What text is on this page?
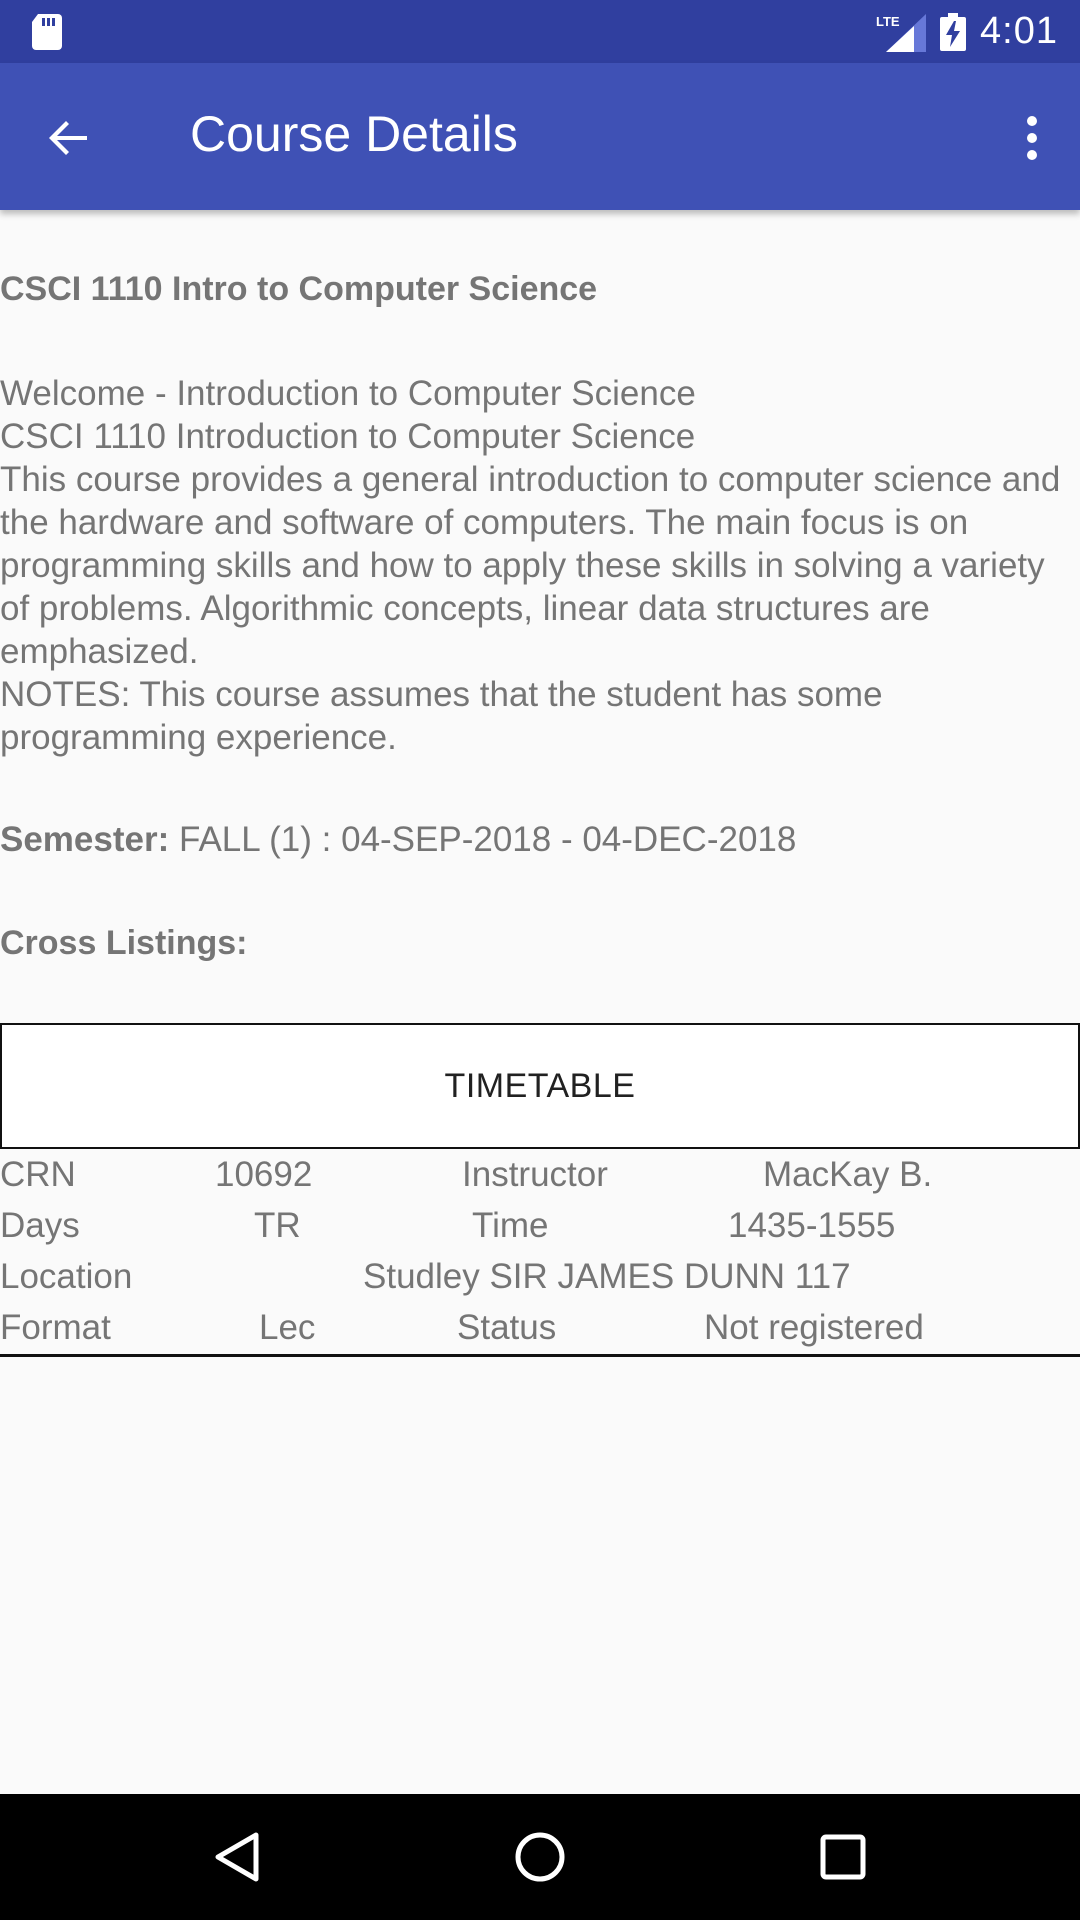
LTE 4:01
Course Details
CSCI 1110 Intro to Computer Science
Welcome - Introduction to Computer Science
CSCI 1110 Introduction to Computer Science
This course provides a general introduction to computer science and the hardware and software of computers. The main focus is on programming skills and how to apply these skills in solving a variety of problems. Algorithmic concepts, linear data structures are emphasized.
NOTES: This course assumes that the student has some programming experience.
Semester: FALL (1) : 04-SEP-2018 - 04-DEC-2018
Cross Listings:
TIMETABLE
CRN	10692	Instructor	MacKay B.
Days	TR	Time	1435-1555
Location	Studley SIR JAMES DUNN 117
Format	Lec	Status	Not registered
